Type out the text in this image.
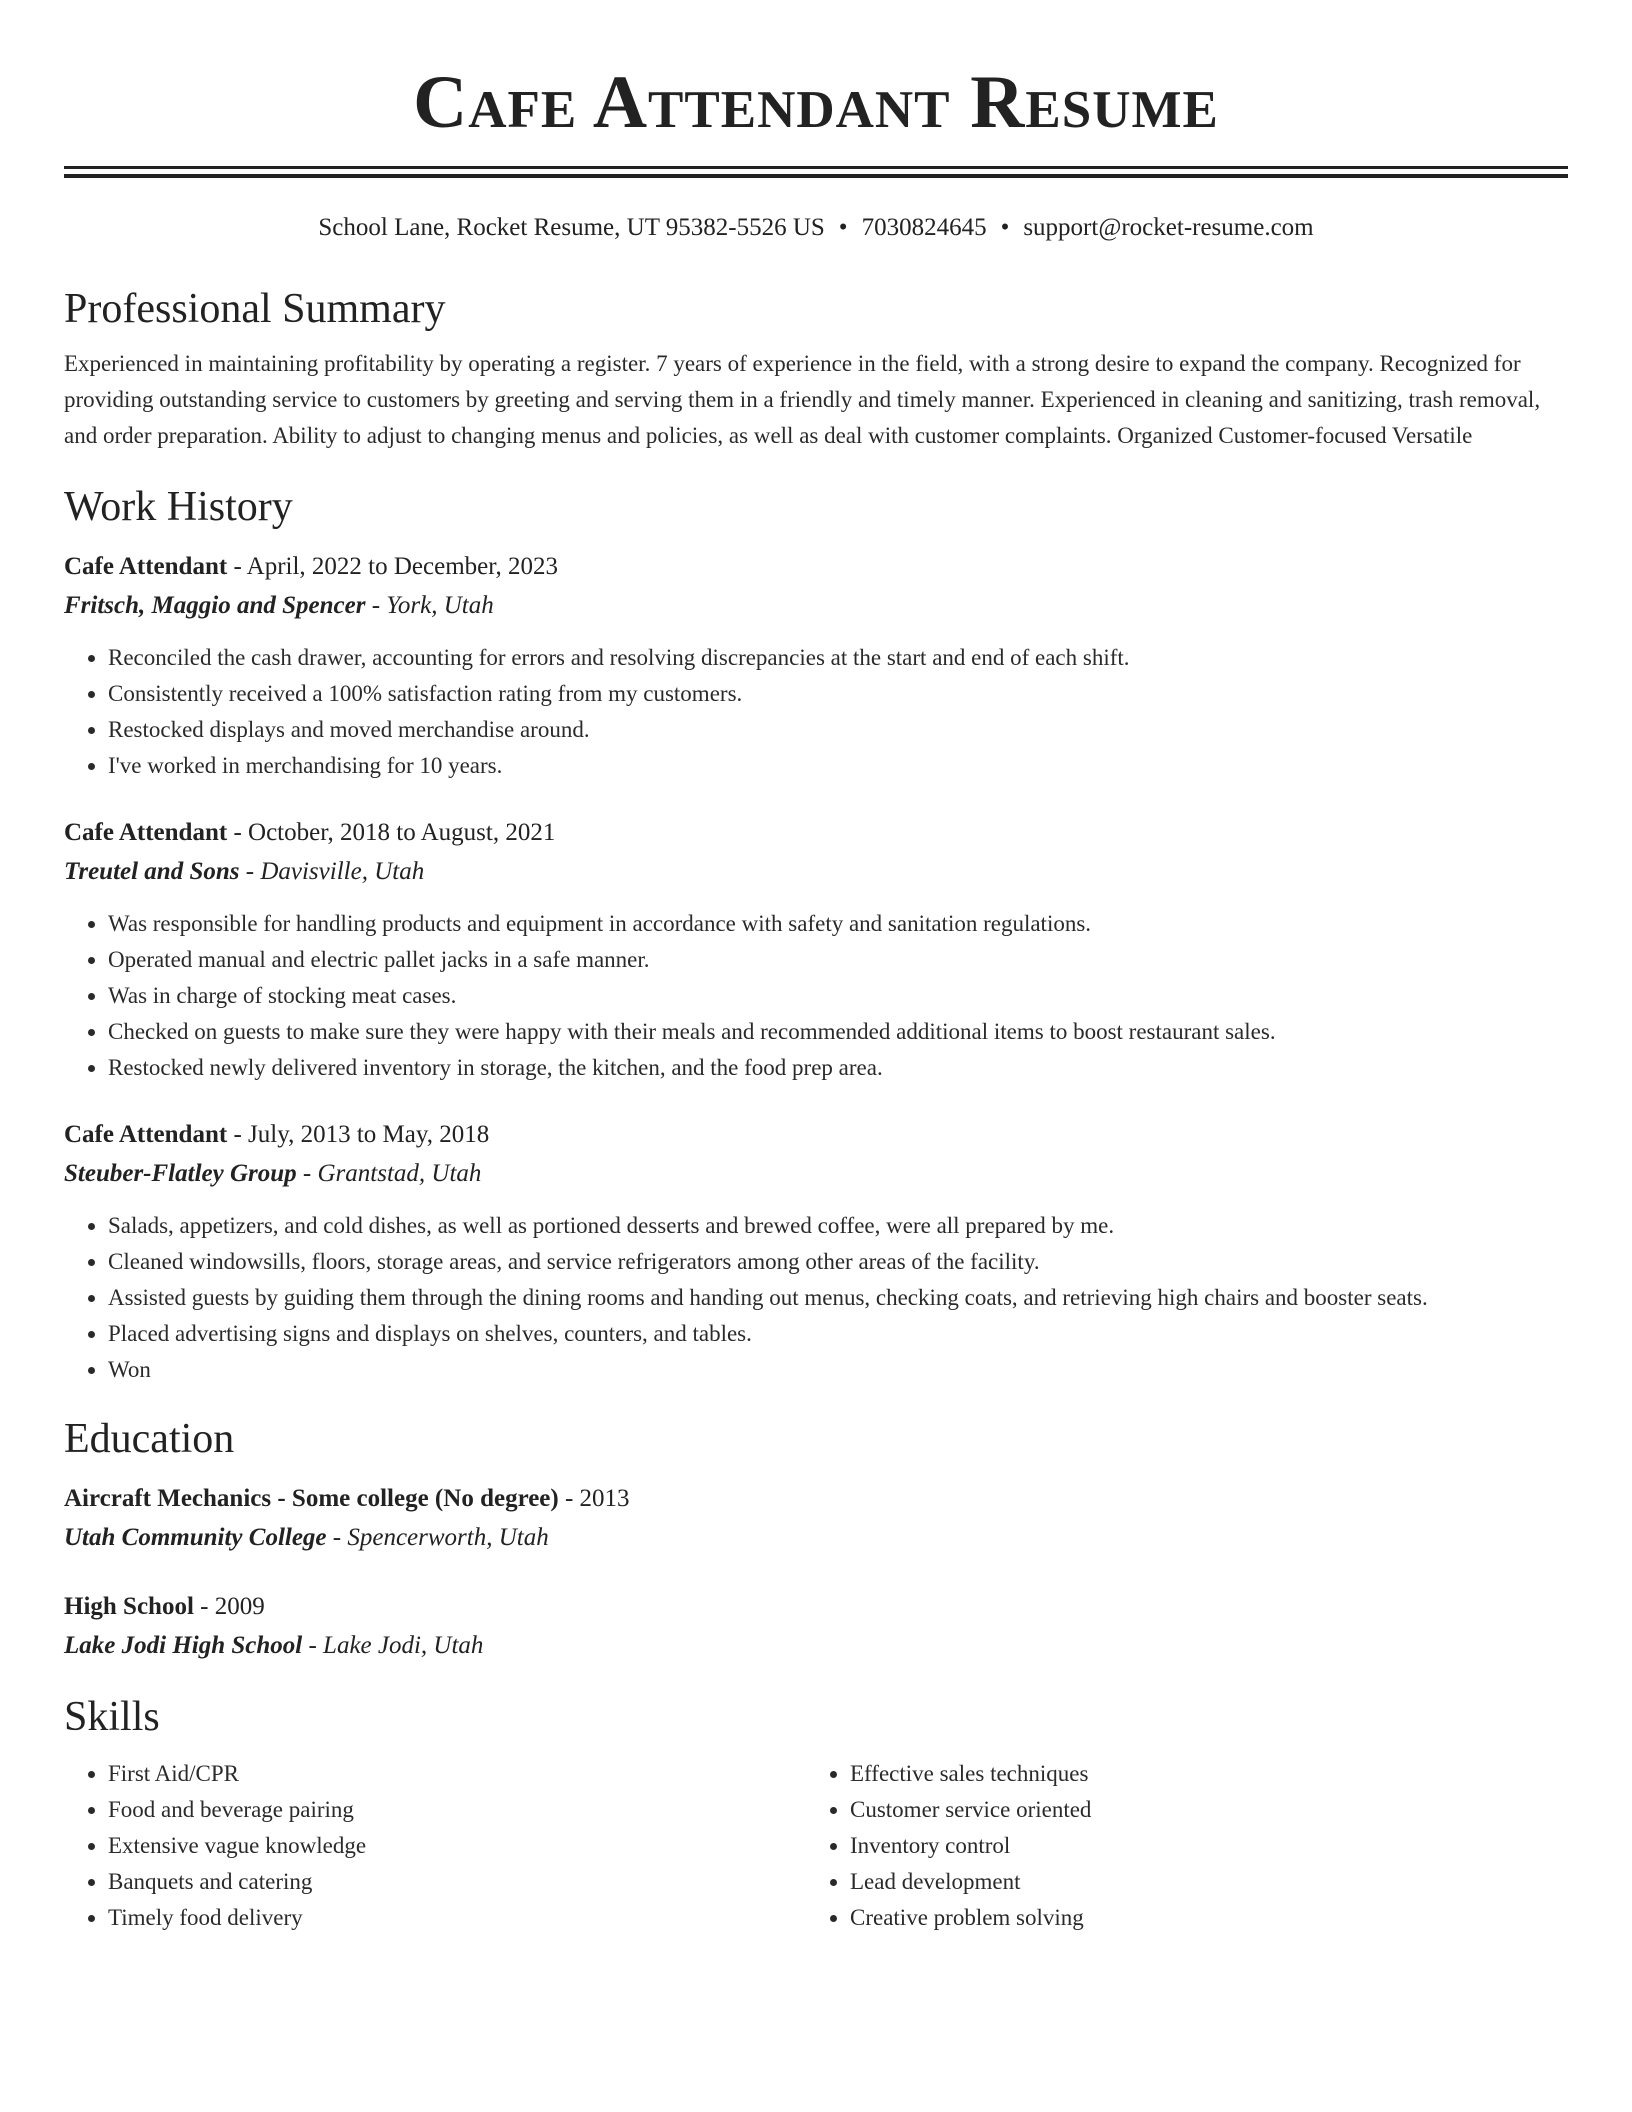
Cafe Attendant Resume
School Lane, Rocket Resume, UT 95382-5526 US • 7030824645 • support@rocket-resume.com
Professional Summary
Experienced in maintaining profitability by operating a register. 7 years of experience in the field, with a strong desire to expand the company. Recognized for providing outstanding service to customers by greeting and serving them in a friendly and timely manner. Experienced in cleaning and sanitizing, trash removal, and order preparation. Ability to adjust to changing menus and policies, as well as deal with customer complaints. Organized Customer-focused Versatile
Work History
Cafe Attendant - April, 2022 to December, 2023
Fritsch, Maggio and Spencer - York, Utah
• Reconciled the cash drawer, accounting for errors and resolving discrepancies at the start and end of each shift.
• Consistently received a 100% satisfaction rating from my customers.
• Restocked displays and moved merchandise around.
• I've worked in merchandising for 10 years.
Cafe Attendant - October, 2018 to August, 2021
Treutel and Sons - Davisville, Utah
• Was responsible for handling products and equipment in accordance with safety and sanitation regulations.
• Operated manual and electric pallet jacks in a safe manner.
• Was in charge of stocking meat cases.
• Checked on guests to make sure they were happy with their meals and recommended additional items to boost restaurant sales.
• Restocked newly delivered inventory in storage, the kitchen, and the food prep area.
Cafe Attendant - July, 2013 to May, 2018
Steuber-Flatley Group - Grantstad, Utah
• Salads, appetizers, and cold dishes, as well as portioned desserts and brewed coffee, were all prepared by me.
• Cleaned windowsills, floors, storage areas, and service refrigerators among other areas of the facility.
• Assisted guests by guiding them through the dining rooms and handing out menus, checking coats, and retrieving high chairs and booster seats.
• Placed advertising signs and displays on shelves, counters, and tables.
• Won
Education
Aircraft Mechanics - Some college (No degree) - 2013
Utah Community College - Spencerworth, Utah
High School - 2009
Lake Jodi High School - Lake Jodi, Utah
Skills
• First Aid/CPR
• Food and beverage pairing
• Extensive vague knowledge
• Banquets and catering
• Timely food delivery
• Effective sales techniques
• Customer service oriented
• Inventory control
• Lead development
• Creative problem solving
